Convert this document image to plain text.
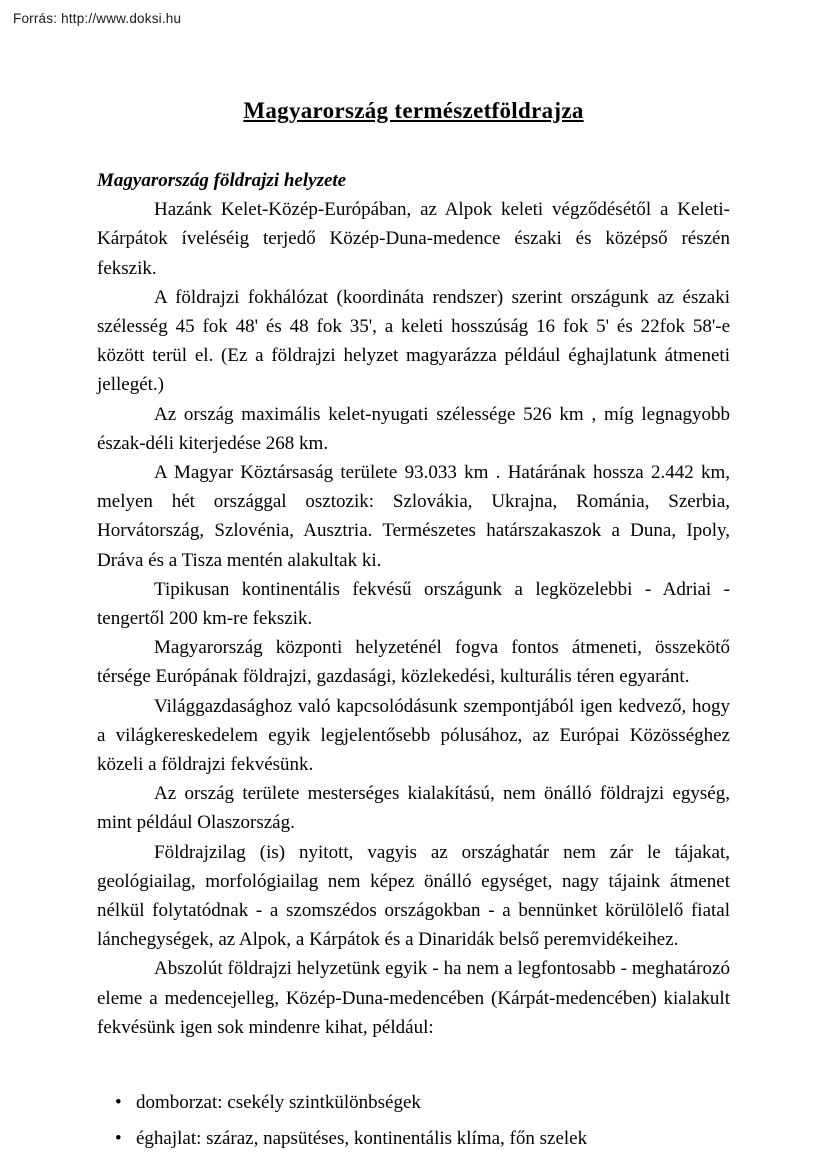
Forrás: http://www.doksi.hu
Magyarország természetföldrajza
Magyarország földrajzi helyzete

Hazánk Kelet-Közép-Európában, az Alpok keleti végződésétől a Keleti-Kárpátok íveléséig terjedő Közép-Duna-medence északi és középső részén fekszik.

A földrajzi fokhálózat (koordináta rendszer) szerint országunk az északi szélesség 45 fok 48' és 48 fok 35', a keleti hosszúság 16 fok 5' és 22fok 58'-e között terül el. (Ez a földrajzi helyzet magyarázza például éghajlatunk átmeneti jellegét.)

Az ország maximális kelet-nyugati szélessége 526 km , míg legnagyobb észak-déli kiterjedése 268 km.

A Magyar Köztársaság területe 93.033 km . Határának hossza 2.442 km, melyen hét országgal osztozik: Szlovákia, Ukrajna, Románia, Szerbia, Horvátország, Szlovénia, Ausztria. Természetes határszakaszok a Duna, Ipoly, Dráva és a Tisza mentén alakultak ki.

Tipikusan kontinentális fekvésű országunk a legközelebbi - Adriai - tengertől 200 km-re fekszik.

Magyarország központi helyzeténél fogva fontos átmeneti, összekötő térsége Európának földrajzi, gazdasági, közlekedési, kulturális téren egyaránt.

Világgazdasághoz való kapcsolódásunk szempontjából igen kedvező, hogy a világkereskedelem egyik legjelentősebb pólusához, az Európai Közösséghez közeli a földrajzi fekvésünk.

Az ország területe mesterséges kialakítású, nem önálló földrajzi egység, mint például Olaszország.

Földrajzilag (is) nyitott, vagyis az országhatár nem zár le tájakat, geológiailag, morfológiailag nem képez önálló egységet, nagy tájaink átmenet nélkül folytatódnak - a szomszédos országokban - a bennünket körülölelő fiatal lánchegységek, az Alpok, a Kárpátok és a Dinaridák belső peremvidékeihez.

Abszolút földrajzi helyzetünk egyik - ha nem a legfontosabb - meghatározó eleme a medencejelleg, Közép-Duna-medencében (Kárpát-medencében) kialakult fekvésünk igen sok mindenre kihat, például:

• domborzat: csekély szintkülönbségek
• éghajlat: száraz, napsütéses, kontinentális klíma, főn szelek
